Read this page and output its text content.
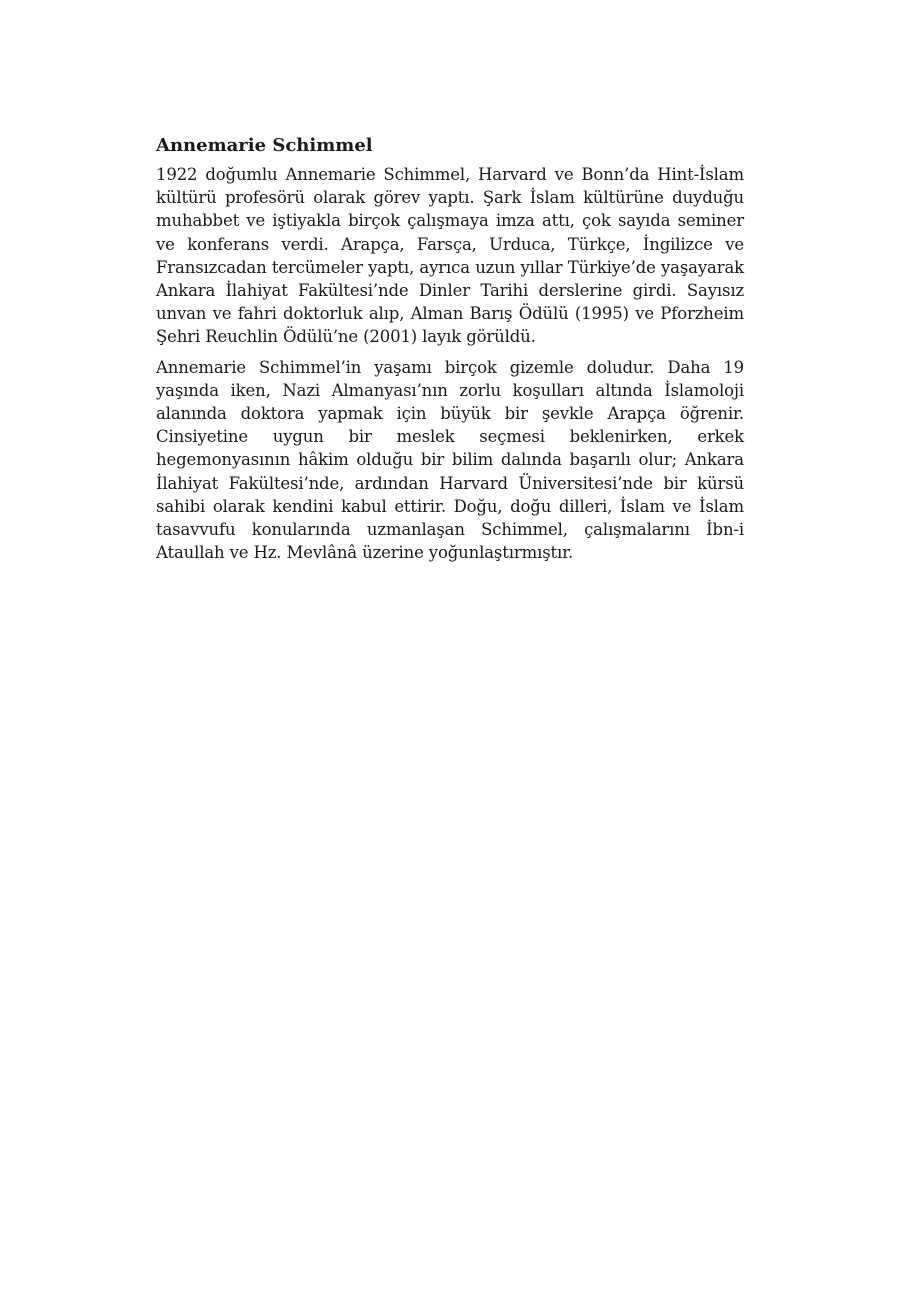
Annemarie Schimmel

1922 doğumlu Annemarie Schimmel, Harvard ve Bonn’da Hint-İslam kültürü profesörü olarak görev yaptı. Şark İslam kültürüne duyduğu muhabbet ve iştiyakla birçok çalışmaya imza attı, çok sayıda seminer ve konferans verdi. Arapça, Farsça, Urduca, Türkçe, İngilizce ve Fransızcadan tercümeler yaptı, ayrıca uzun yıllar Türkiye’de yaşayarak Ankara İlahiyat Fakültesi’nde Dinler Tarihi derslerine girdi. Sayısız unvan ve fahri doktorluk alıp, Alman Barış Ödülü (1995) ve Pforzheim Şehri Reuchlin Ödülü’ne (2001) layık görüldü.

Annemarie Schimmel’in yaşamı birçok gizemle doludur. Daha 19 yaşında iken, Nazi Almanyası’nın zorlu koşulları altında İslamoloji alanında doktora yapmak için büyük bir şevkle Arapça öğrenir. Cinsiyetine uygun bir meslek seçmesi beklenirken, erkek hegemonyasının hâkim olduğu bir bilim dalında başarılı olur; Ankara İlahiyat Fakültesi’nde, ardından Harvard Üniversitesi’nde bir kürsü sahibi olarak kendini kabul ettirir. Doğu, doğu dilleri, İslam ve İslam tasavvufu konularında uzmanlaşan Schimmel, çalışmalarını İbn-i Ataullah ve Hz. Mevlânâ üzerine yoğunlaştırmıştır.
